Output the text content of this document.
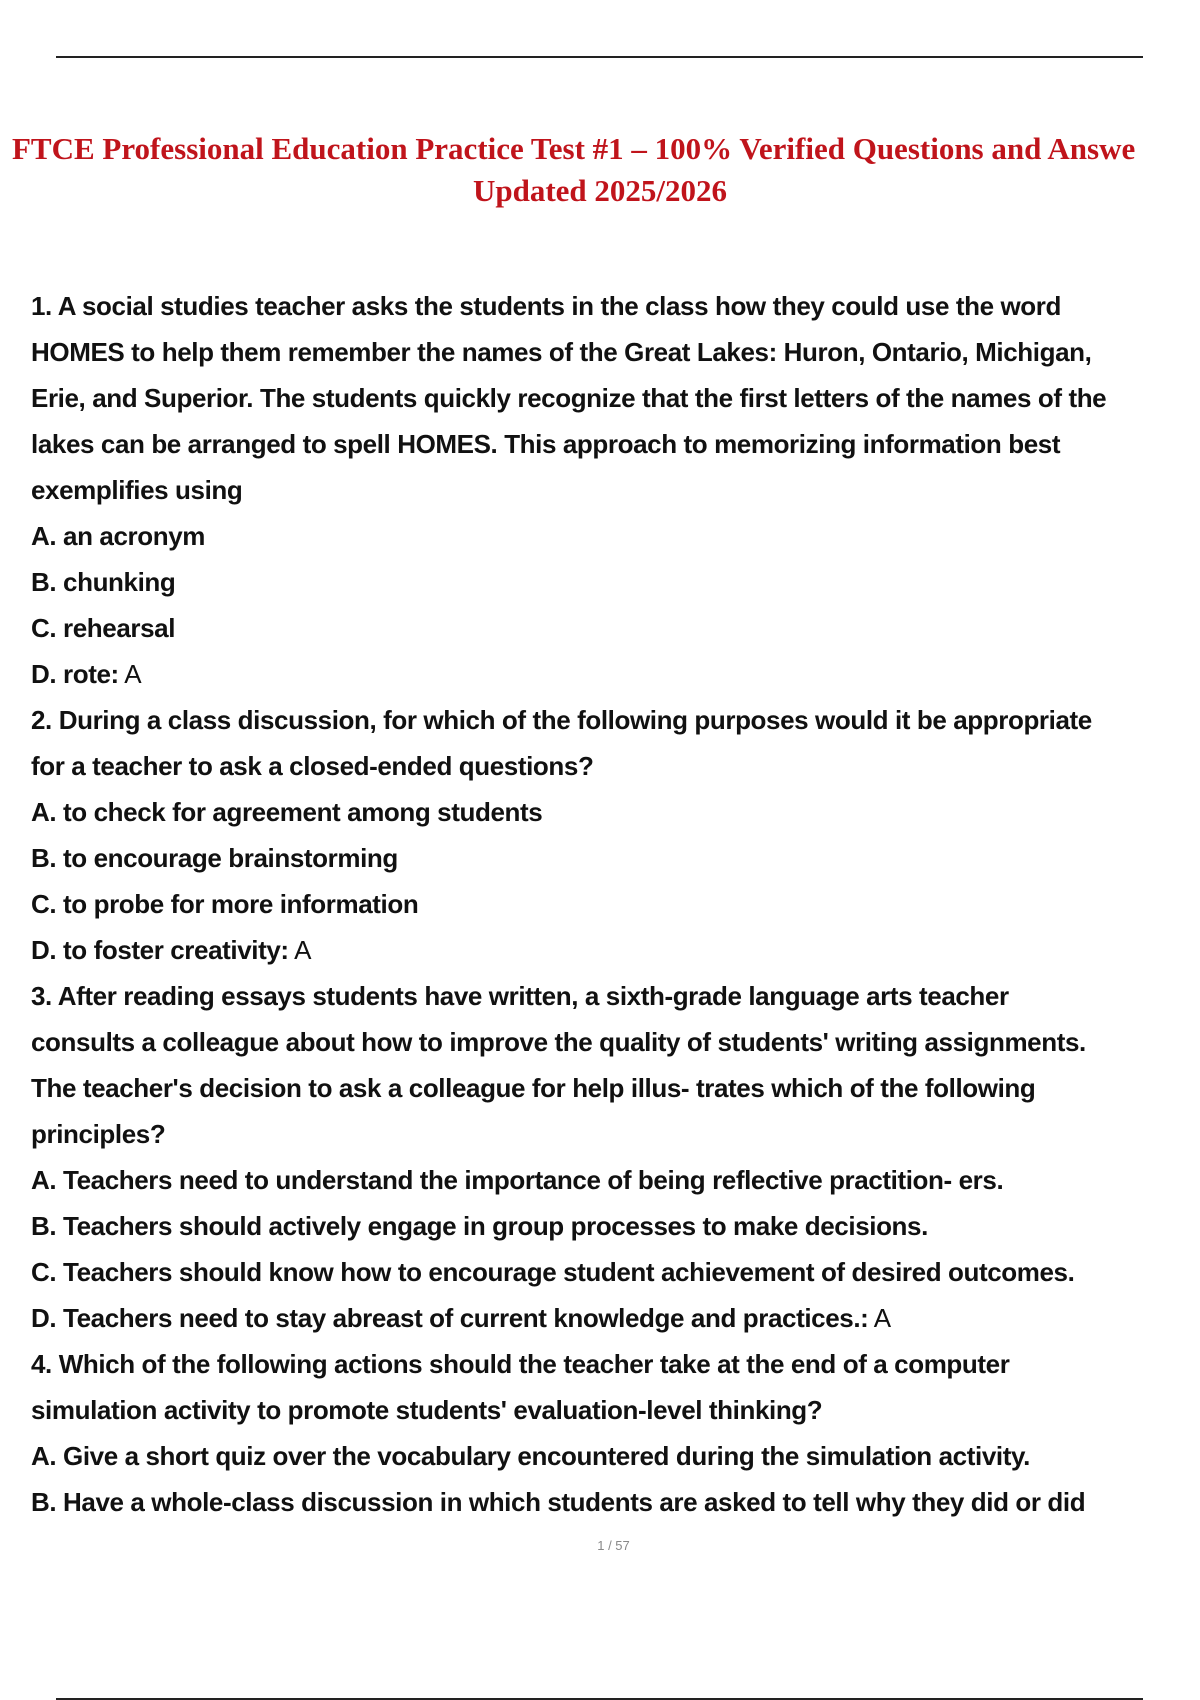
FTCE Professional Education Practice Test #1 – 100% Verified Questions and Answe
Updated 2025/2026
1. A social studies teacher asks the students in the class how they could use the word
HOMES to help them remember the names of the Great Lakes: Huron, Ontario, Michigan,
Erie, and Superior. The students quickly recognize that the first letters of the names of the
lakes can be arranged to spell HOMES. This approach to memorizing information best
exemplifies using
A. an acronym
B. chunking
C. rehearsal
D. rote: A
2. During a class discussion, for which of the following purposes would it be appropriate
for a teacher to ask a closed-ended questions?
A. to check for agreement among students
B. to encourage brainstorming
C. to probe for more information
D. to foster creativity: A
3. After reading essays students have written, a sixth-grade language arts teacher
consults a colleague about how to improve the quality of students' writing assignments.
The teacher's decision to ask a colleague for help illus- trates which of the following
principles?
A. Teachers need to understand the importance of being reflective practition- ers.
B. Teachers should actively engage in group processes to make decisions.
C. Teachers should know how to encourage student achievement of desired outcomes.
D. Teachers need to stay abreast of current knowledge and practices.: A
4. Which of the following actions should the teacher take at the end of a computer
simulation activity to promote students' evaluation-level thinking?
A. Give a short quiz over the vocabulary encountered during the simulation activity.
B. Have a whole-class discussion in which students are asked to tell why they did or did
1 / 57
